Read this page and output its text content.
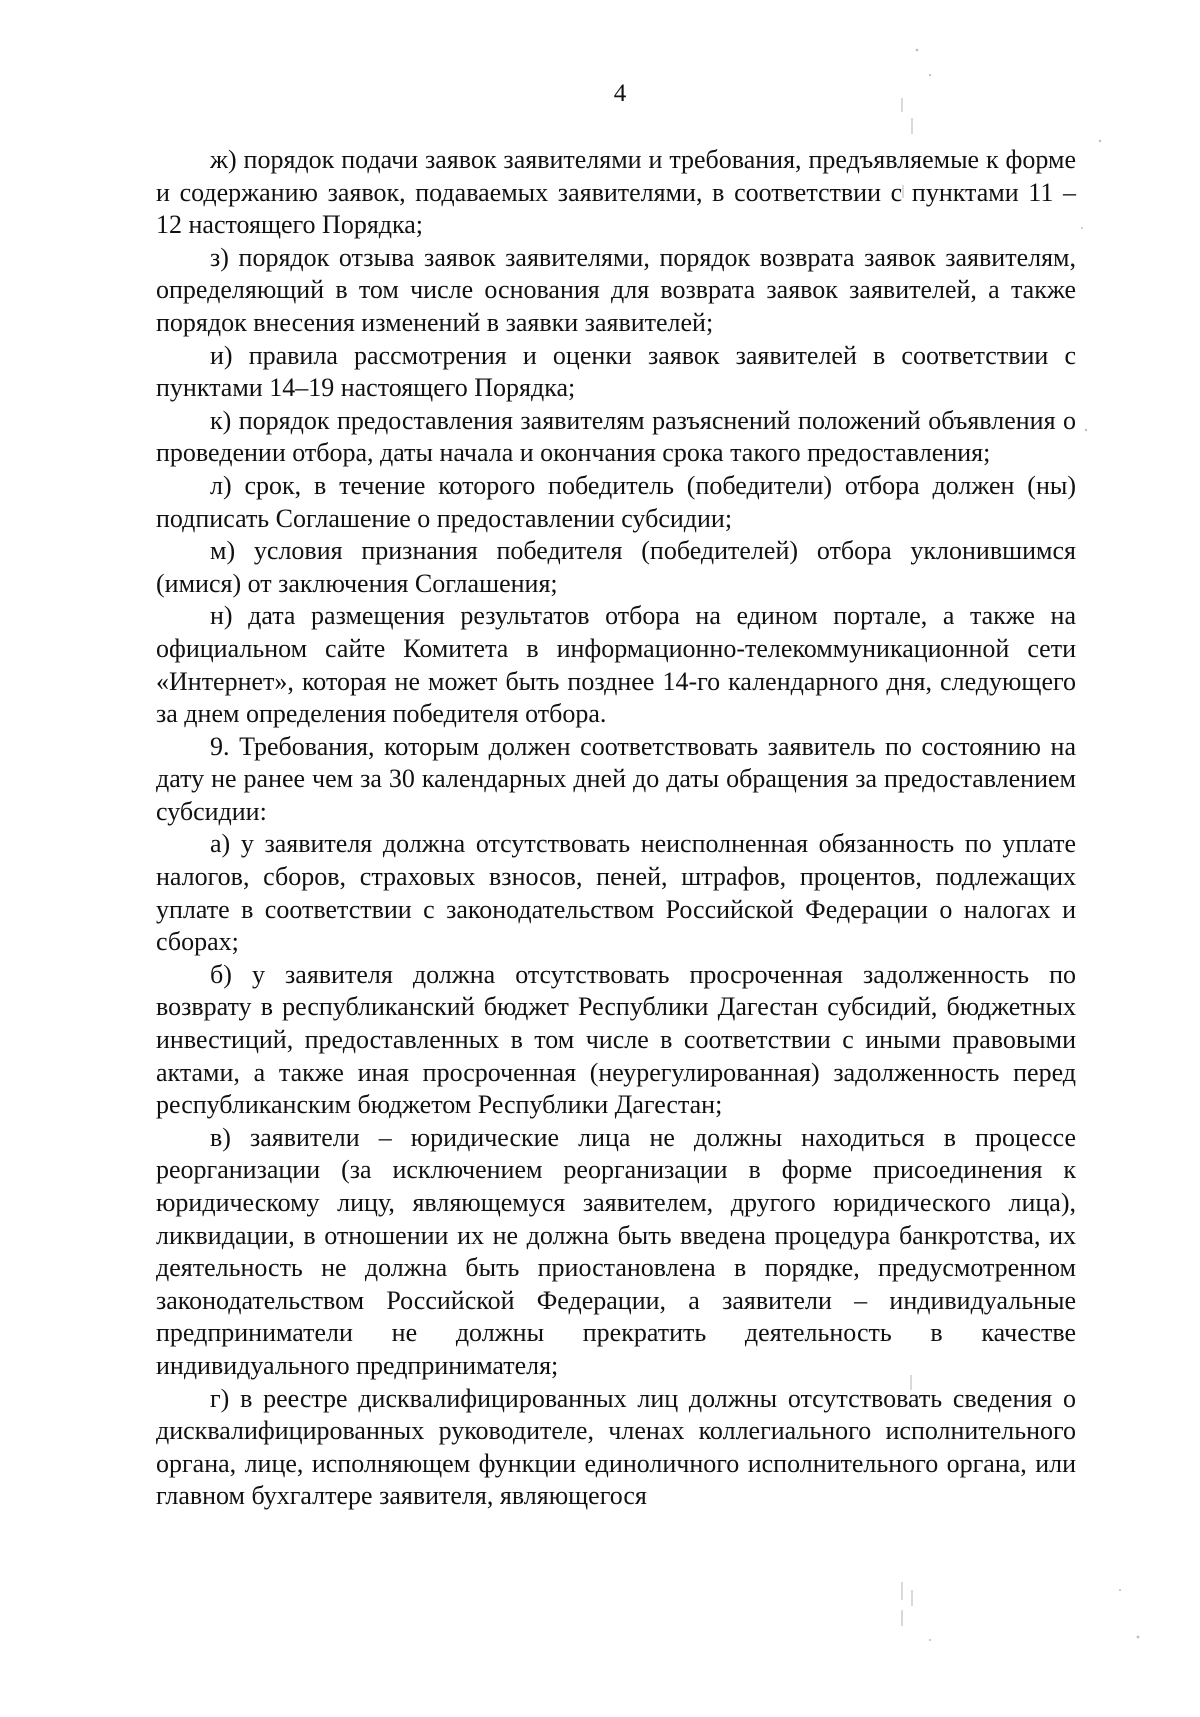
4

ж) порядок подачи заявок заявителями и требования, предъявляемые к форме и содержанию заявок, подаваемых заявителями, в соответствии с пунктами 11 – 12 настоящего Порядка;

з) порядок отзыва заявок заявителями, порядок возврата заявок заявителям, определяющий в том числе основания для возврата заявок заявителей, а также порядок внесения изменений в заявки заявителей;

и) правила рассмотрения и оценки заявок заявителей в соответствии с пунктами 14–19 настоящего Порядка;

к) порядок предоставления заявителям разъяснений положений объявления о проведении отбора, даты начала и окончания срока такого предоставления;

л) срок, в течение которого победитель (победители) отбора должен (ны) подписать Соглашение о предоставлении субсидии;

м) условия признания победителя (победителей) отбора уклонившимся (имися) от заключения Соглашения;

н) дата размещения результатов отбора на едином портале, а также на официальном сайте Комитета в информационно-телекоммуникационной сети «Интернет», которая не может быть позднее 14-го календарного дня, следующего за днем определения победителя отбора.

9. Требования, которым должен соответствовать заявитель по состоянию на дату не ранее чем за 30 календарных дней до даты обращения за предоставлением субсидии:

а) у заявителя должна отсутствовать неисполненная обязанность по уплате налогов, сборов, страховых взносов, пеней, штрафов, процентов, подлежащих уплате в соответствии с законодательством Российской Федерации о налогах и сборах;

б) у заявителя должна отсутствовать просроченная задолженность по возврату в республиканский бюджет Республики Дагестан субсидий, бюджетных инвестиций, предоставленных в том числе в соответствии с иными правовыми актами, а также иная просроченная (неурегулированная) задолженность перед республиканским бюджетом Республики Дагестан;

в) заявители – юридические лица не должны находиться в процессе реорганизации (за исключением реорганизации в форме присоединения к юридическому лицу, являющемуся заявителем, другого юридического лица), ликвидации, в отношении их не должна быть введена процедура банкротства, их деятельность не должна быть приостановлена в порядке, предусмотренном законодательством Российской Федерации, а заявители – индивидуальные предприниматели не должны прекратить деятельность в качестве индивидуального предпринимателя;

г) в реестре дисквалифицированных лиц должны отсутствовать сведения о дисквалифицированных руководителе, членах коллегиального исполнительного органа, лице, исполняющем функции единоличного исполнительного органа, или главном бухгалтере заявителя, являющегося
